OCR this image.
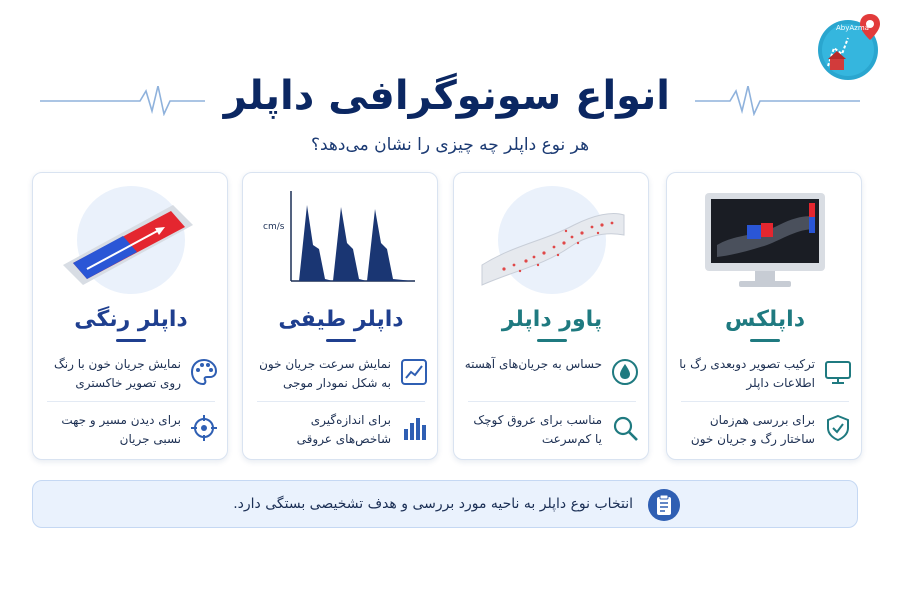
AbyAzma
انواع سونوگرافی داپلر
هر نوع داپلر چه چیزی را نشان می‌دهد؟
داپلر رنگی
نمایش جریان خون با رنگ روی تصویر خاکستری
برای دیدن مسیر و جهت نسبی جریان
cm/s
داپلر طیفی
نمایش سرعت جریان خون به شکل نمودار موجی
برای اندازه‌گیری شاخص‌های عروقی
پاور داپلر
حساس به جریان‌های آهسته
مناسب برای عروق کوچک یا کم‌سرعت
داپلکس
ترکیب تصویر دوبعدی رگ با اطلاعات داپلر
برای بررسی هم‌زمان ساختار رگ و جریان خون
انتخاب نوع داپلر به ناحیه مورد بررسی و هدف تشخیصی بستگی دارد.
